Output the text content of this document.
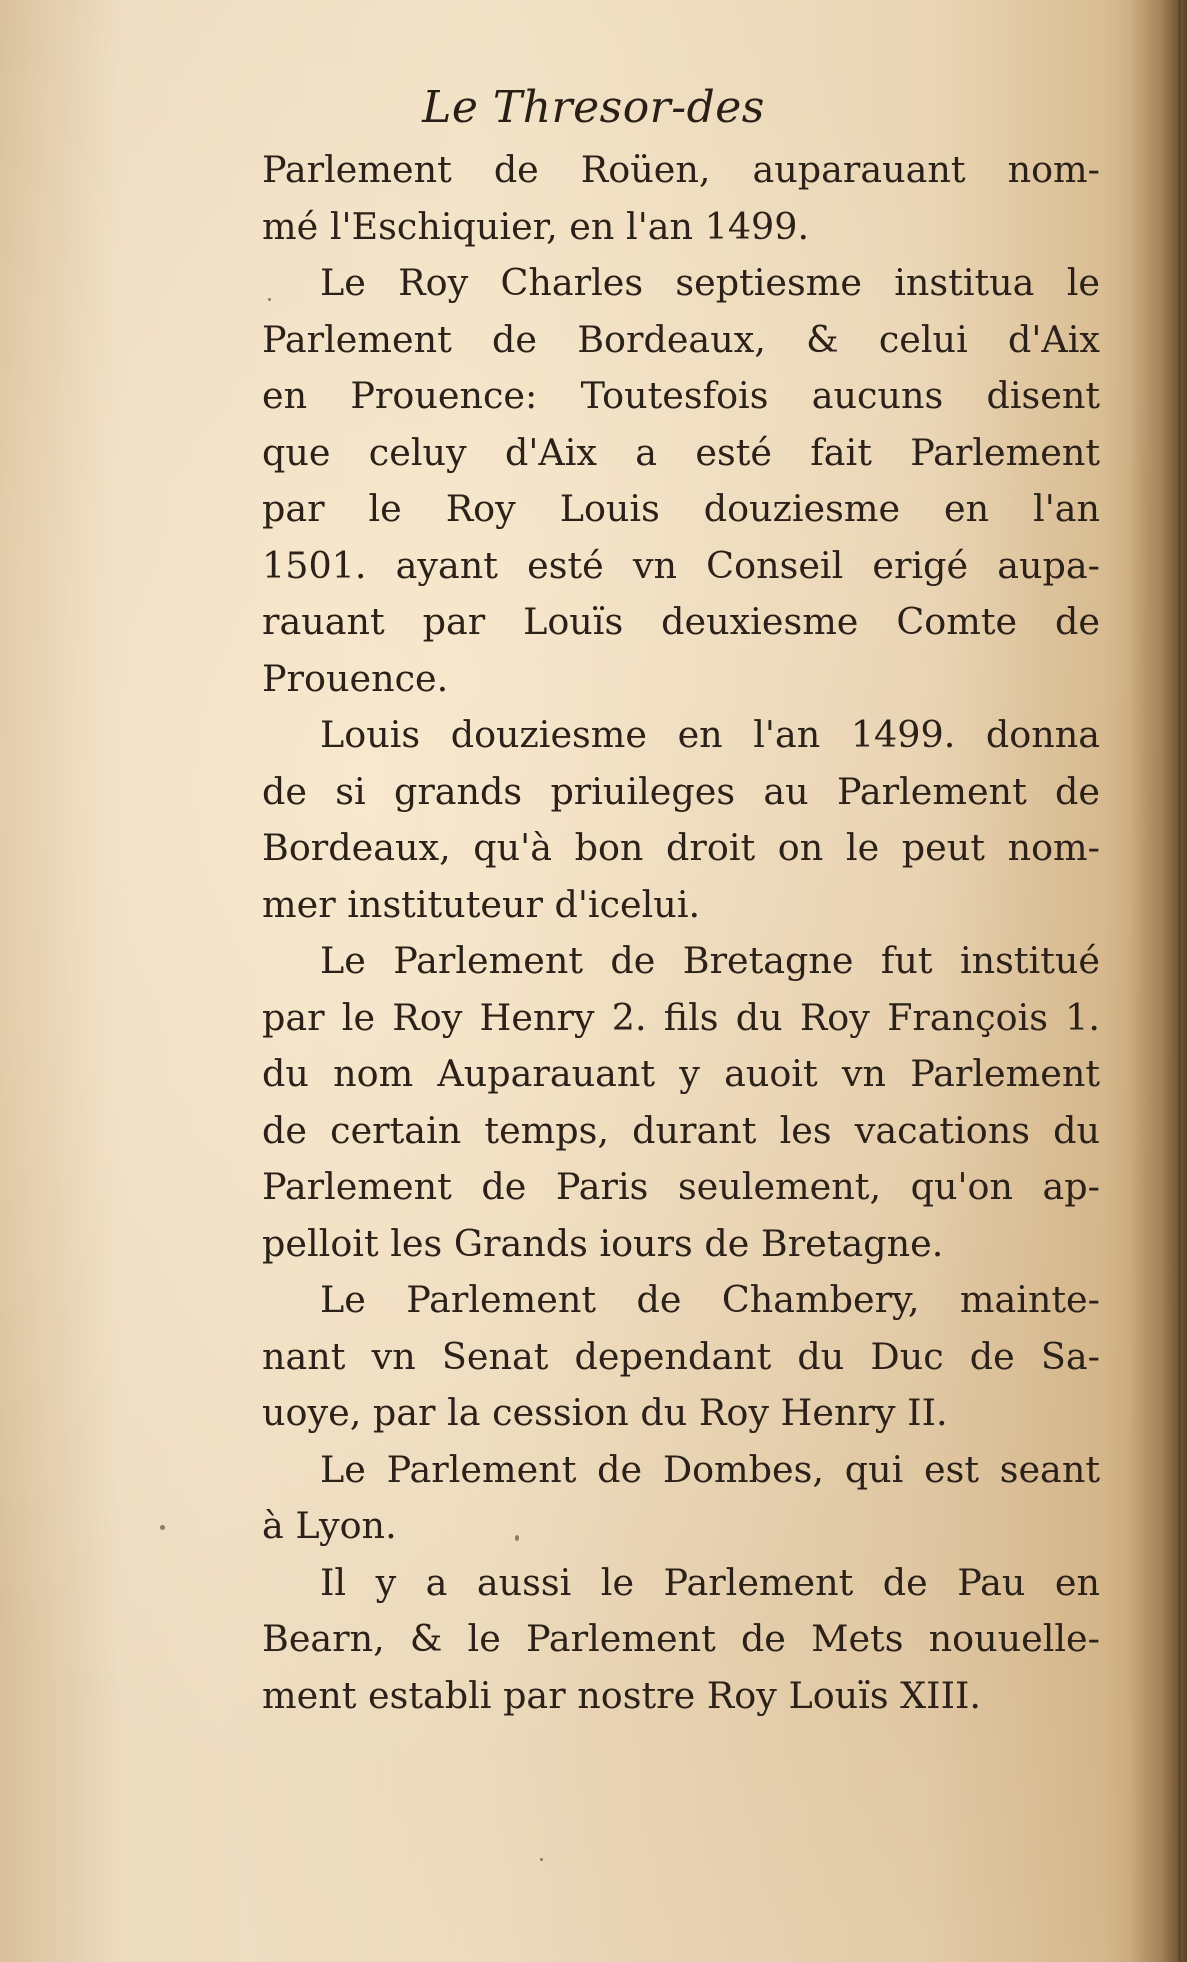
Le Thresor-des
Parlement de Roüen, auparauant nom-
mé l'Eschiquier, en l'an 1499.
Le Roy Charles septiesme institua le
Parlement de Bordeaux, & celui d'Aix
en Prouence: Toutesfois aucuns disent
que celuy d'Aix a esté fait Parlement
par le Roy Louis douziesme en l'an
1501. ayant esté vn Conseil erigé aupa-
rauant par Louïs deuxiesme Comte de
Prouence.
Louis douziesme en l'an 1499. donna
de si grands priuileges au Parlement de
Bordeaux, qu'à bon droit on le peut nom-
mer instituteur d'icelui.
Le Parlement de Bretagne fut institué
par le Roy Henry 2. fils du Roy François 1.
du nom Auparauant y auoit vn Parlement
de certain temps, durant les vacations du
Parlement de Paris seulement, qu'on ap-
pelloit les Grands iours de Bretagne.
Le Parlement de Chambery, mainte-
nant vn Senat dependant du Duc de Sa-
uoye, par la cession du Roy Henry II.
Le Parlement de Dombes, qui est seant
à Lyon.
Il y a aussi le Parlement de Pau en
Bearn, & le Parlement de Mets nouuelle-
ment establi par nostre Roy Louïs XIII.
